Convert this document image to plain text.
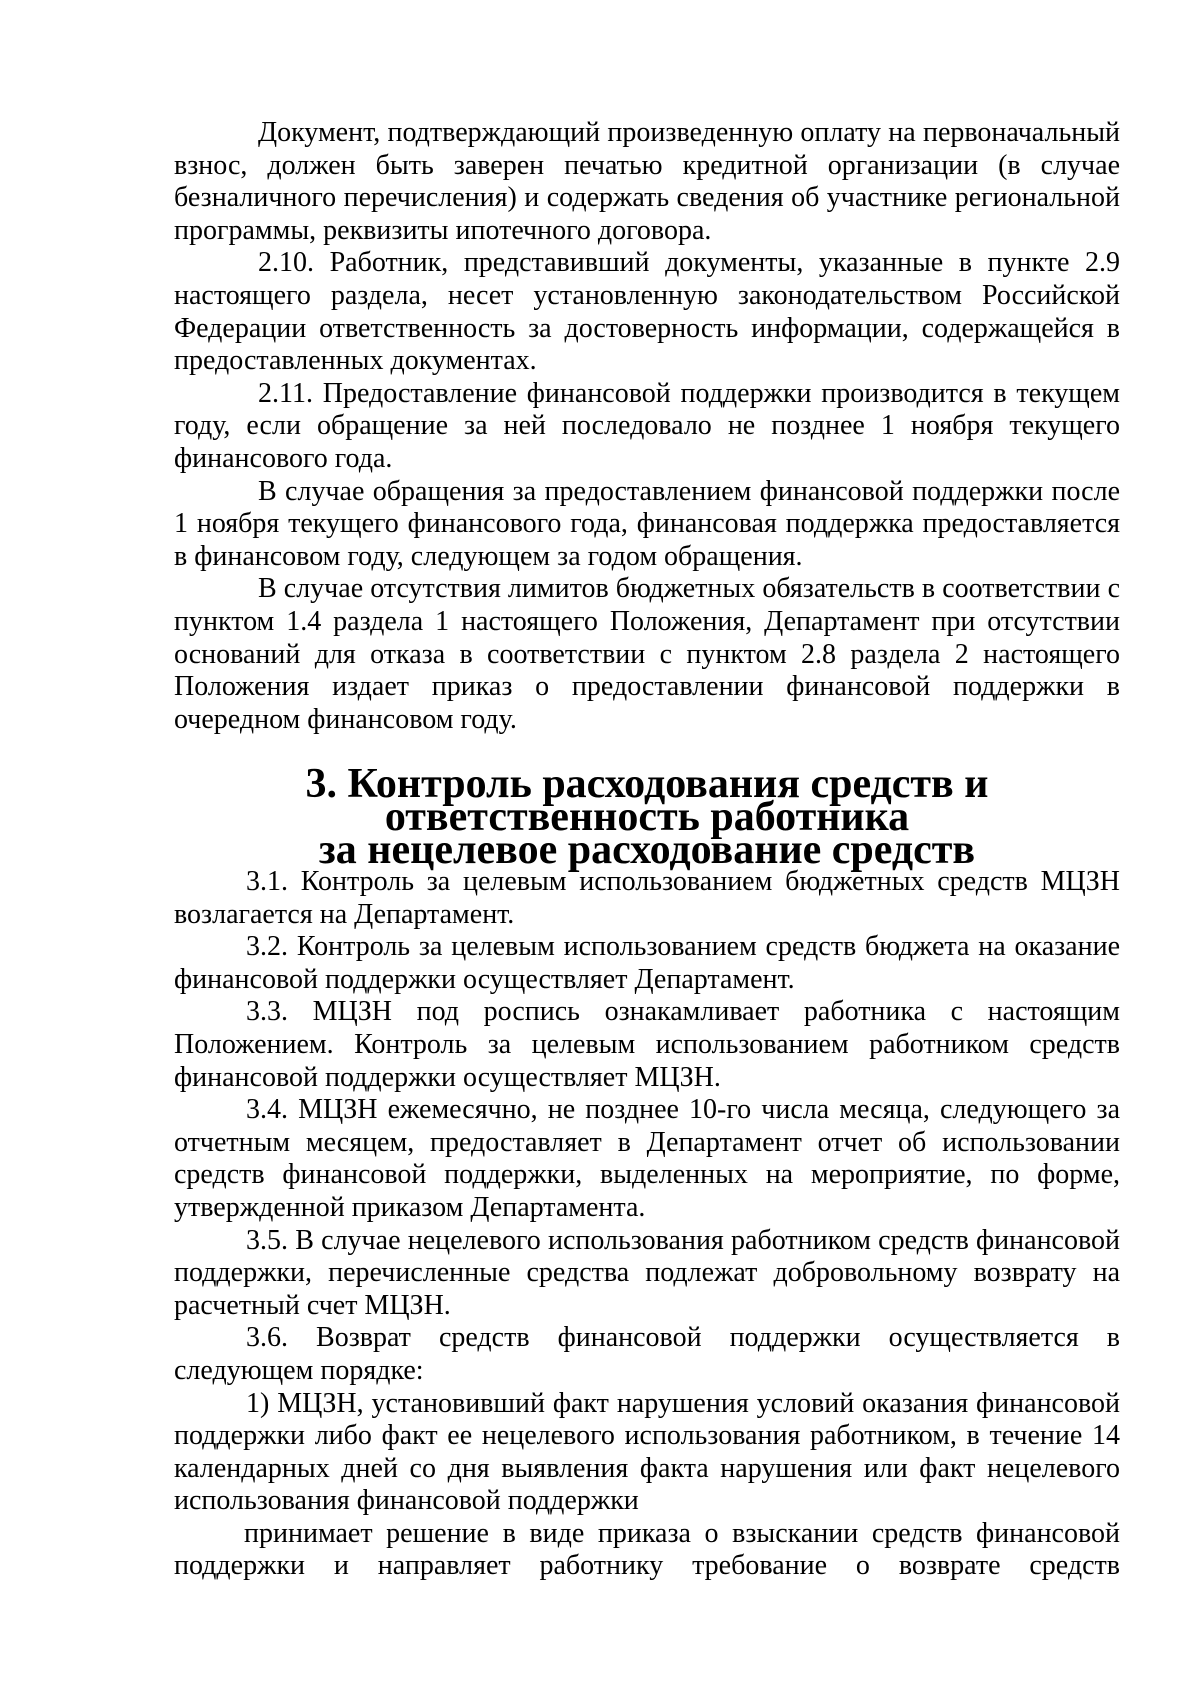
Документ, подтверждающий произведенную оплату на первоначальный взнос, должен быть заверен печатью кредитной организации (в случае безналичного перечисления) и содержать сведения об участнике региональной программы, реквизиты ипотечного договора.

2.10. Работник, представивший документы, указанные в пункте 2.9 настоящего раздела, несет установленную законодательством Российской Федерации ответственность за достоверность информации, содержащейся в предоставленных документах.

2.11. Предоставление финансовой поддержки производится в текущем году, если обращение за ней последовало не позднее 1 ноября текущего финансового года.

В случае обращения за предоставлением финансовой поддержки после 1 ноября текущего финансового года, финансовая поддержка предоставляется в финансовом году, следующем за годом обращения.

В случае отсутствия лимитов бюджетных обязательств в соответствии с пунктом 1.4 раздела 1 настоящего Положения, Департамент при отсутствии оснований для отказа в соответствии с пунктом 2.8 раздела 2 настоящего Положения издает приказ о предоставлении финансовой поддержки в очередном финансовом году.

3. Контроль расходования средств и ответственность работника
за нецелевое расходование средств

3.1. Контроль за целевым использованием бюджетных средств МЦЗН возлагается на Департамент.

3.2. Контроль за целевым использованием средств бюджета на оказание финансовой поддержки осуществляет Департамент.

3.3. МЦЗН под роспись ознакамливает работника с настоящим Положением. Контроль за целевым использованием работником средств финансовой поддержки осуществляет МЦЗН.

3.4. МЦЗН ежемесячно, не позднее 10-го числа месяца, следующего за отчетным месяцем, предоставляет в Департамент отчет об использовании средств финансовой поддержки, выделенных на мероприятие, по форме, утвержденной приказом Департамента.

3.5. В случае нецелевого использования работником средств финансовой поддержки, перечисленные средства подлежат добровольному возврату на расчетный счет МЦЗН.

3.6. Возврат средств финансовой поддержки осуществляется в следующем порядке:

1) МЦЗН, установивший факт нарушения условий оказания финансовой поддержки либо факт ее нецелевого использования работником, в течение 14 календарных дней со дня выявления факта нарушения или факт нецелевого использования финансовой поддержки

принимает решение в виде приказа о взыскании средств финансовой поддержки и направляет работнику требование о возврате средств
